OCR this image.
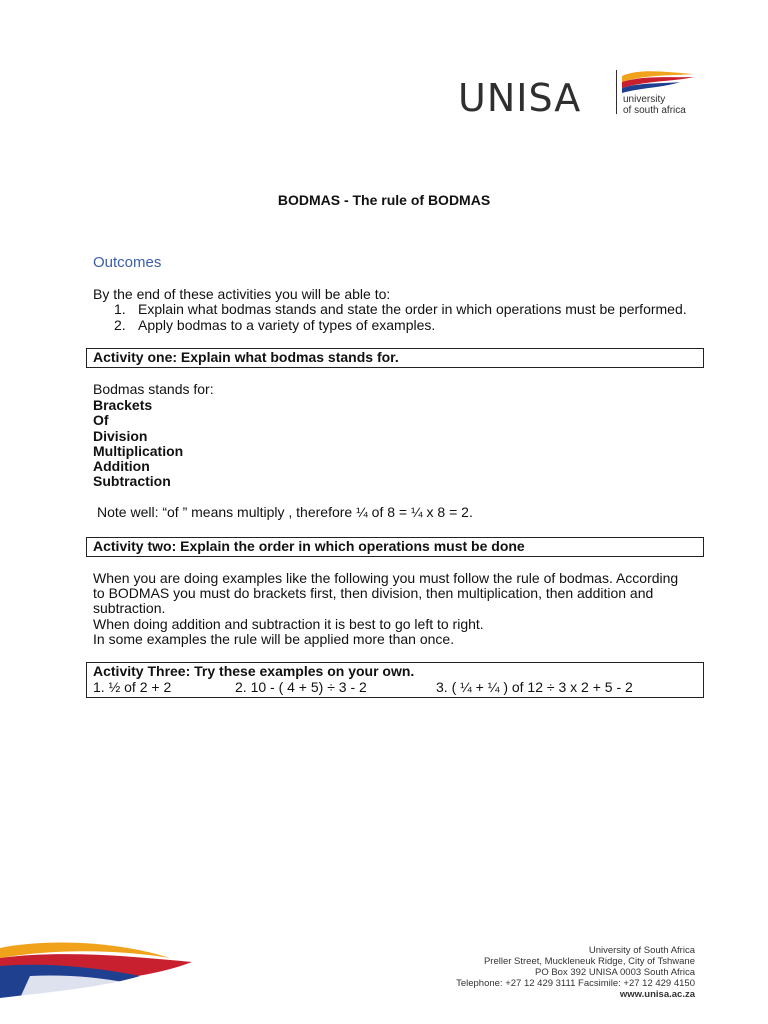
UNISA	university
of south africa
BODMAS - The rule of BODMAS
Outcomes
By the end of these activities you will be able to:
1. Explain what bodmas stands and state the order in which operations must be performed.
2. Apply bodmas to a variety of types of examples.
Activity one: Explain what bodmas stands for.
Bodmas stands for:
Brackets
Of
Division
Multiplication
Addition
Subtraction
Note well: “of ” means multiply , therefore ¼ of 8 = ¼ x 8 = 2.
Activity two: Explain the order in which operations must be done
When you are doing examples like the following you must follow the rule of bodmas. According
to BODMAS you must do brackets first, then division, then multiplication, then addition and
subtraction.
When doing addition and subtraction it is best to go left to right.
In some examples the rule will be applied more than once.
Activity Three: Try these examples on your own.
1. ½ of 2 + 2	2. 10 - ( 4 + 5) ÷ 3 - 2	3. ( ¼ + ¼ ) of 12 ÷ 3 x 2 + 5 - 2
University of South Africa
Preller Street, Muckleneuk Ridge, City of Tshwane
PO Box 392 UNISA 0003 South Africa
Telephone: +27 12 429 3111 Facsimile: +27 12 429 4150
www.unisa.ac.za
